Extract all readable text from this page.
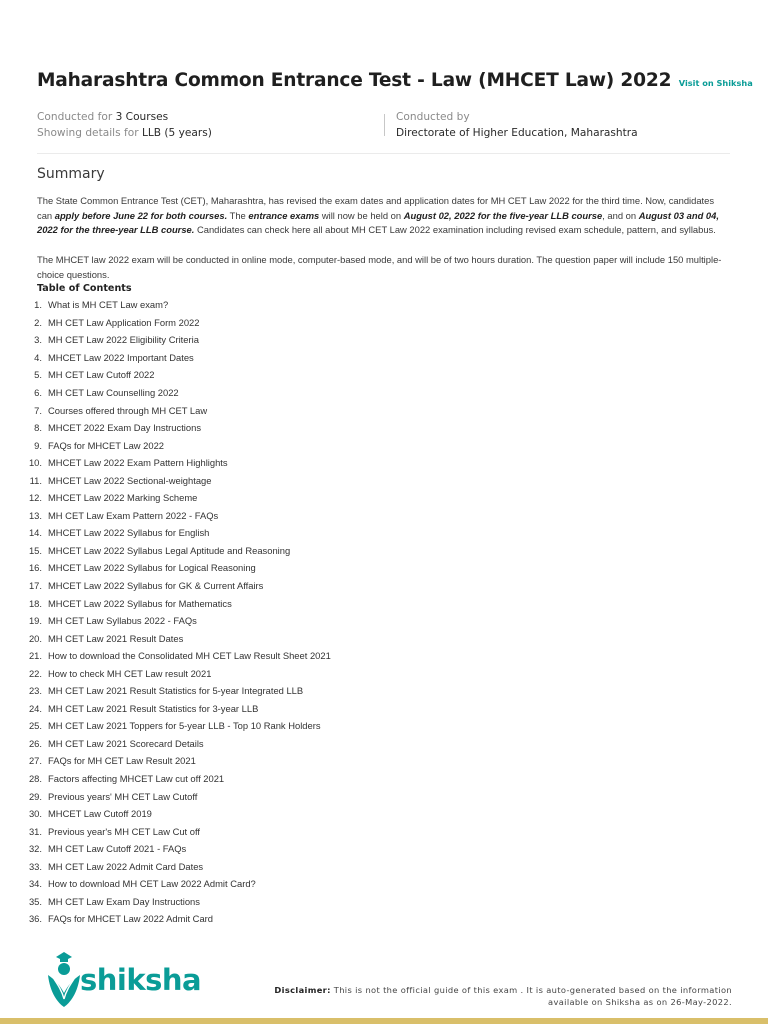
Maharashtra Common Entrance Test - Law (MHCET Law) 2022 Visit on Shiksha
Conducted for 3 Courses
Showing details for LLB (5 years)
Conducted by
Directorate of Higher Education, Maharashtra
Summary
The State Common Entrance Test (CET), Maharashtra, has revised the exam dates and application dates for MH CET Law 2022 for the third time. Now, candidates can apply before June 22 for both courses. The entrance exams will now be held on August 02, 2022 for the five-year LLB course, and on August 03 and 04, 2022 for the three-year LLB course. Candidates can check here all about MH CET Law 2022 examination including revised exam schedule, pattern, and syllabus.
The MHCET law 2022 exam will be conducted in online mode, computer-based mode, and will be of two hours duration. The question paper will include 150 multiple-choice questions.
Table of Contents
1. What is MH CET Law exam?
2. MH CET Law Application Form 2022
3. MH CET Law 2022 Eligibility Criteria
4. MHCET Law 2022 Important Dates
5. MH CET Law Cutoff 2022
6. MH CET Law Counselling 2022
7. Courses offered through MH CET Law
8. MHCET 2022 Exam Day Instructions
9. FAQs for MHCET Law 2022
10. MHCET Law 2022 Exam Pattern Highlights
11. MHCET Law 2022 Sectional-weightage
12. MHCET Law 2022 Marking Scheme
13. MH CET Law Exam Pattern 2022 - FAQs
14. MHCET Law 2022 Syllabus for English
15. MHCET Law 2022 Syllabus Legal Aptitude and Reasoning
16. MHCET Law 2022 Syllabus for Logical Reasoning
17. MHCET Law 2022 Syllabus for GK & Current Affairs
18. MHCET Law 2022 Syllabus for Mathematics
19. MH CET Law Syllabus 2022 - FAQs
20. MH CET Law 2021 Result Dates
21. How to download the Consolidated MH CET Law Result Sheet 2021
22. How to check MH CET Law result 2021
23. MH CET Law 2021 Result Statistics for 5-year Integrated LLB
24. MH CET Law 2021 Result Statistics for 3-year LLB
25. MH CET Law 2021 Toppers for 5-year LLB - Top 10 Rank Holders
26. MH CET Law 2021 Scorecard Details
27. FAQs for MH CET Law Result 2021
28. Factors affecting MHCET Law cut off 2021
29. Previous years' MH CET Law Cutoff
30. MHCET Law Cutoff 2019
31. Previous year's MH CET Law Cut off
32. MH CET Law Cutoff 2021 - FAQs
33. MH CET Law 2022 Admit Card Dates
34. How to download MH CET Law 2022 Admit Card?
35. MH CET Law Exam Day Instructions
36. FAQs for MHCET Law 2022 Admit Card
shiksha	Disclaimer: This is not the official guide of this exam . It is auto-generated based on the information available on Shiksha as on 26-May-2022.
